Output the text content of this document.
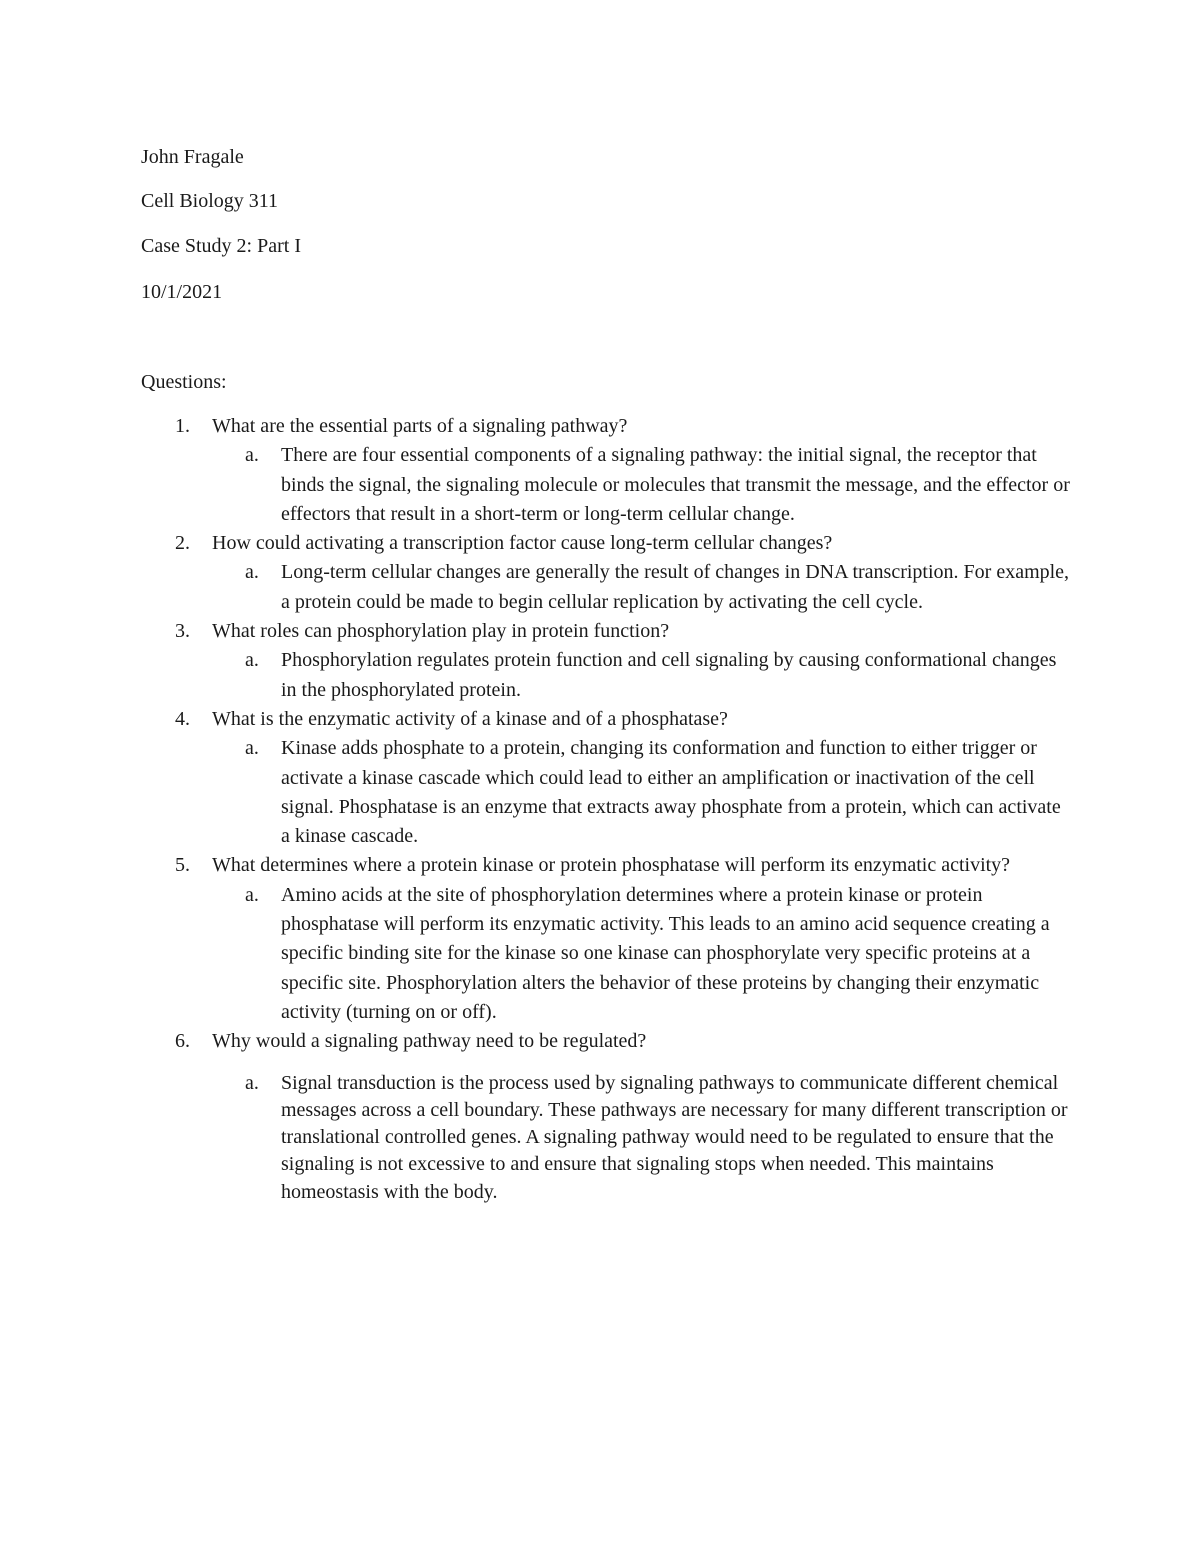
John Fragale
Cell Biology 311
Case Study 2: Part I
10/1/2021
Questions:
1. What are the essential parts of a signaling pathway?
a. There are four essential components of a signaling pathway: the initial signal, the receptor that binds the signal, the signaling molecule or molecules that transmit the message, and the effector or effectors that result in a short-term or long-term cellular change.
2. How could activating a transcription factor cause long-term cellular changes?
a. Long-term cellular changes are generally the result of changes in DNA transcription. For example, a protein could be made to begin cellular replication by activating the cell cycle.
3. What roles can phosphorylation play in protein function?
a. Phosphorylation regulates protein function and cell signaling by causing conformational changes in the phosphorylated protein.
4. What is the enzymatic activity of a kinase and of a phosphatase?
a. Kinase adds phosphate to a protein, changing its conformation and function to either trigger or activate a kinase cascade which could lead to either an amplification or inactivation of the cell signal. Phosphatase is an enzyme that extracts away phosphate from a protein, which can activate a kinase cascade.
5. What determines where a protein kinase or protein phosphatase will perform its enzymatic activity?
a. Amino acids at the site of phosphorylation determines where a protein kinase or protein phosphatase will perform its enzymatic activity. This leads to an amino acid sequence creating a specific binding site for the kinase so one kinase can phosphorylate very specific proteins at a specific site. Phosphorylation alters the behavior of these proteins by changing their enzymatic activity (turning on or off).
6. Why would a signaling pathway need to be regulated?
a. Signal transduction is the process used by signaling pathways to communicate different chemical messages across a cell boundary. These pathways are necessary for many different transcription or translational controlled genes. A signaling pathway would need to be regulated to ensure that the signaling is not excessive to and ensure that signaling stops when needed. This maintains homeostasis with the body.
